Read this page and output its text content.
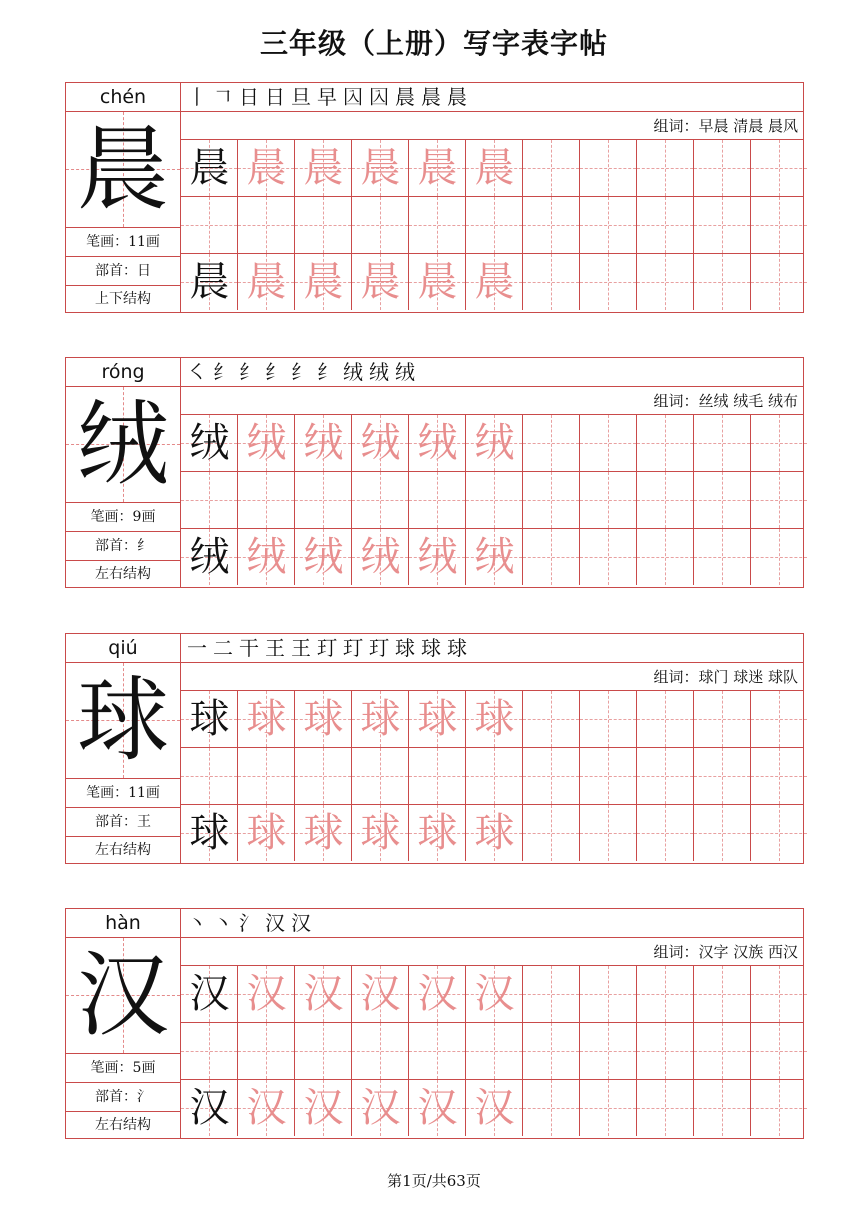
三年级（上册）写字表字帖
chén
晨
笔画：11画
部首：日
上下结构
丨 𠃍 日 日 旦 早 𡆣 𡆣 晨 晨 晨
组词：早晨 清晨 晨风
晨 晨 晨 晨 晨 晨
晨 晨 晨 晨 晨 晨
róng
绒
笔画：9画
部首：纟
左右结构
㇛ 纟 纟 纟 纟 纟 绒 绒 绒
组词：丝绒 绒毛 绒布
绒 绒 绒 绒 绒 绒
绒 绒 绒 绒 绒 绒
qiú
球
笔画：11画
部首：王
左右结构
一 二 干 王 王 玎 玎 玎 球 球 球
组词：球门 球迷 球队
球 球 球 球 球 球
球 球 球 球 球 球
hàn
汉
笔画：5画
部首：氵
左右结构
丶 丶 氵 汉 汉
组词：汉字 汉族 西汉
汉 汉 汉 汉 汉 汉
汉 汉 汉 汉 汉 汉
第1页/共63页
